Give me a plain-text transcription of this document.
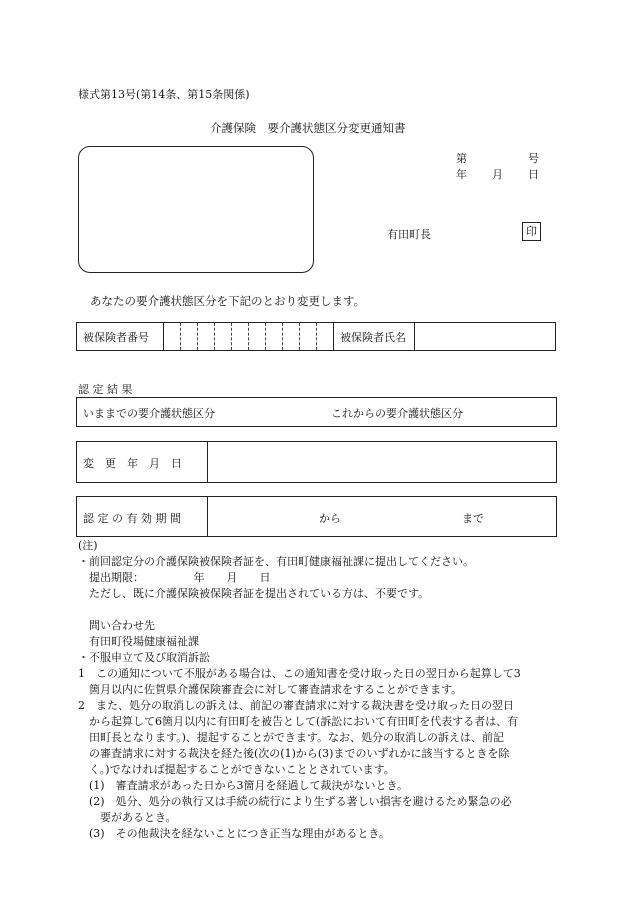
様式第13号(第14条、第15条関係)
介護保険　要介護状態区分変更通知書
第	号
年 月 日
有田町長	印
あなたの要介護状態区分を下記のとおり変更します。
被保険者番号											被保険者氏名	
認 定 結 果
いままでの要介護状態区分	これからの要介護状態区分
変　更　年　月　日
認 定 の 有 効 期 間	から	まで
(注)
・前回認定分の介護保険被保険者証を、有田町健康福祉課に提出してください。
　提出期限：　　　　　年　　月　　日
　ただし、既に介護保険被保険者証を提出されている方は、不要です。
　問い合わせ先
　有田町役場健康福祉課
・不服申立て及び取消訴訟
1　この通知について不服がある場合は、この通知書を受け取った日の翌日から起算して3
　箇月以内に佐賀県介護保険審査会に対して審査請求をすることができます。
2　また、処分の取消しの訴えは、前記の審査請求に対する裁決書を受け取った日の翌日
　から起算して6箇月以内に有田町を被告として(訴訟において有田町を代表する者は、有
　田町長となります。)、提起することができます。なお、処分の取消しの訴えは、前記
　の審査請求に対する裁決を経た後(次の(1)から(3)までのいずれかに該当するときを除
　く。)でなければ提起することができないこととされています。
　(1)　審査請求があった日から3箇月を経過して裁決がないとき。
　(2)　処分、処分の執行又は手続の続行により生ずる著しい損害を避けるため緊急の必
　　要があるとき。
　(3)　その他裁決を経ないことにつき正当な理由があるとき。
